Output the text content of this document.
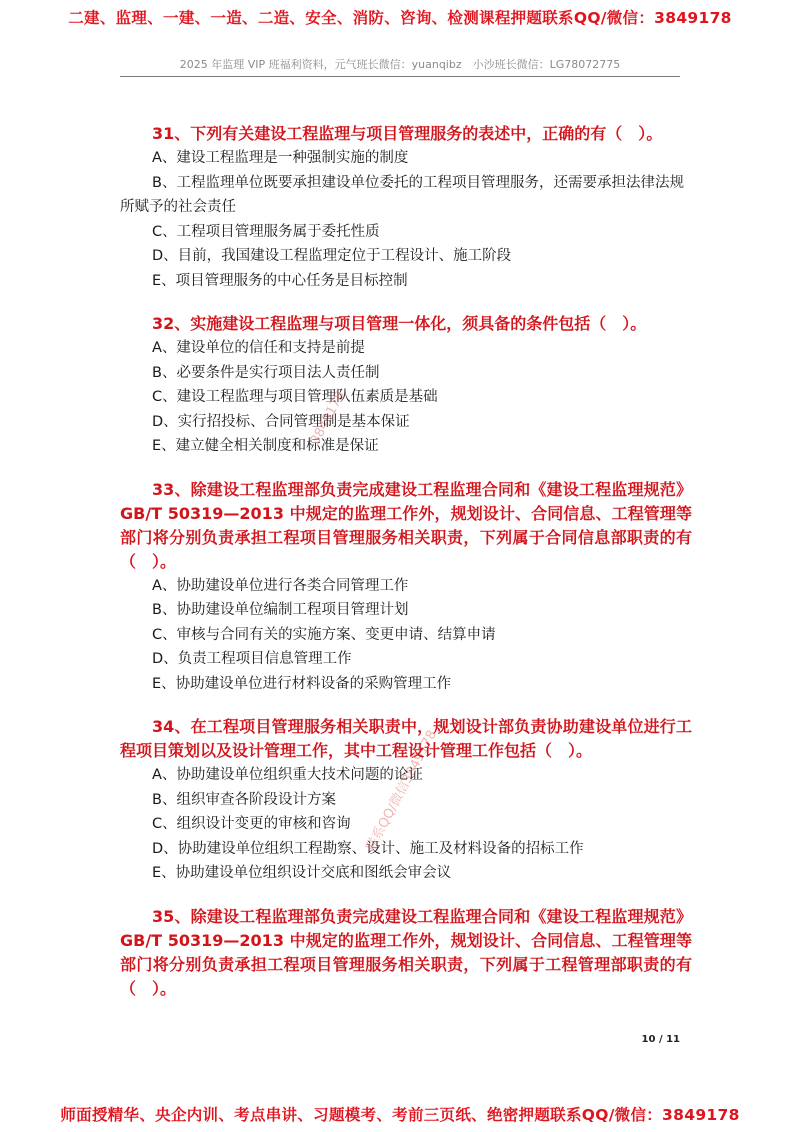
二建、监理、一建、一造、二造、安全、消防、咨询、检测课程押题联系QQ/微信：3849178
2025 年监理 VIP 班福利资料，元气班长微信：yuanqibz　小沙班长微信：LG78072775

31、下列有关建设工程监理与项目管理服务的表述中，正确的有（　）。

A、建设工程监理是一种强制实施的制度

B、工程监理单位既要承担建设单位委托的工程项目管理服务，还需要承担法律法规所赋予的社会责任

C、工程项目管理服务属于委托性质

D、目前，我国建设工程监理定位于工程设计、施工阶段

E、项目管理服务的中心任务是目标控制

32、实施建设工程监理与项目管理一体化，须具备的条件包括（　）。

A、建设单位的信任和支持是前提

B、必要条件是实行项目法人责任制

C、建设工程监理与项目管理队伍素质是基础

D、实行招投标、合同管理制是基本保证

E、建立健全相关制度和标准是保证

33、除建设工程监理部负责完成建设工程监理合同和《建设工程监理规范》GB/T 50319—2013 中规定的监理工作外，规划设计、合同信息、工程管理等部门将分别负责承担工程项目管理服务相关职责，下列属于合同信息部职责的有（　）。

A、协助建设单位进行各类合同管理工作

B、协助建设单位编制工程项目管理计划

C、审核与合同有关的实施方案、变更申请、结算申请

D、负责工程项目信息管理工作

E、协助建设单位进行材料设备的采购管理工作

34、在工程项目管理服务相关职责中，规划设计部负责协助建设单位进行工程项目策划以及设计管理工作，其中工程设计管理工作包括（　）。

A、协助建设单位组织重大技术问题的论证

B、组织审查各阶段设计方案

C、组织设计变更的审核和咨询

D、协助建设单位组织工程勘察、设计、施工及材料设备的招标工作

E、协助建设单位组织设计交底和图纸会审会议

35、除建设工程监理部负责完成建设工程监理合同和《建设工程监理规范》GB/T 50319—2013 中规定的监理工作外，规划设计、合同信息、工程管理等部门将分别负责承担工程项目管理服务相关职责，下列属于工程管理部职责的有（　）。

3849178
联系QQ/微信3849178
10 / 11
师面授精华、央企内训、考点串讲、习题模考、考前三页纸、绝密押题联系QQ/微信：3849178
